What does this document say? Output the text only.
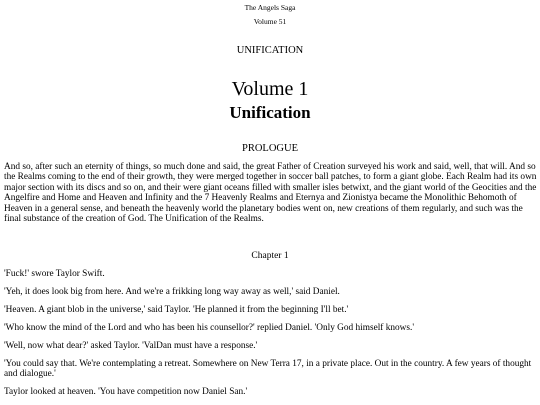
The Angels Saga
Volume 51
UNIFICATION
Volume 1
Unification
PROLOGUE

And so, after such an eternity of things, so much done and said, the great Father of Creation surveyed his work and said, well, that will. And so the Realms coming to the end of their growth, they were merged together in soccer ball patches, to form a giant globe. Each Realm had its own major section with its discs and so on, and their were giant oceans filled with smaller isles betwixt, and the giant world of the Geocities and the Angelfire and Home and Heaven and Infinity and the 7 Heavenly Realms and Eternya and Zionistya became the Monolithic Behomoth of Heaven in a general sense, and beneath the heavenly world the planetary bodies went on, new creations of them regularly, and such was the final substance of the creation of God. The Unification of the Realms.

Chapter 1

'Fuck!' swore Taylor Swift.

'Yeh, it does look big from here. And we're a frikking long way away as well,' said Daniel.

'Heaven. A giant blob in the universe,' said Taylor. 'He planned it from the beginning I'll bet.'

'Who know the mind of the Lord and who has been his counsellor?' replied Daniel. 'Only God himself knows.'

'Well, now what dear?' asked Taylor. 'ValDan must have a response.'

'You could say that. We're contemplating a retreat. Somewhere on New Terra 17, in a private place. Out in the country. A few years of thought and dialogue.'

Taylor looked at heaven. 'You have competition now Daniel San.'
